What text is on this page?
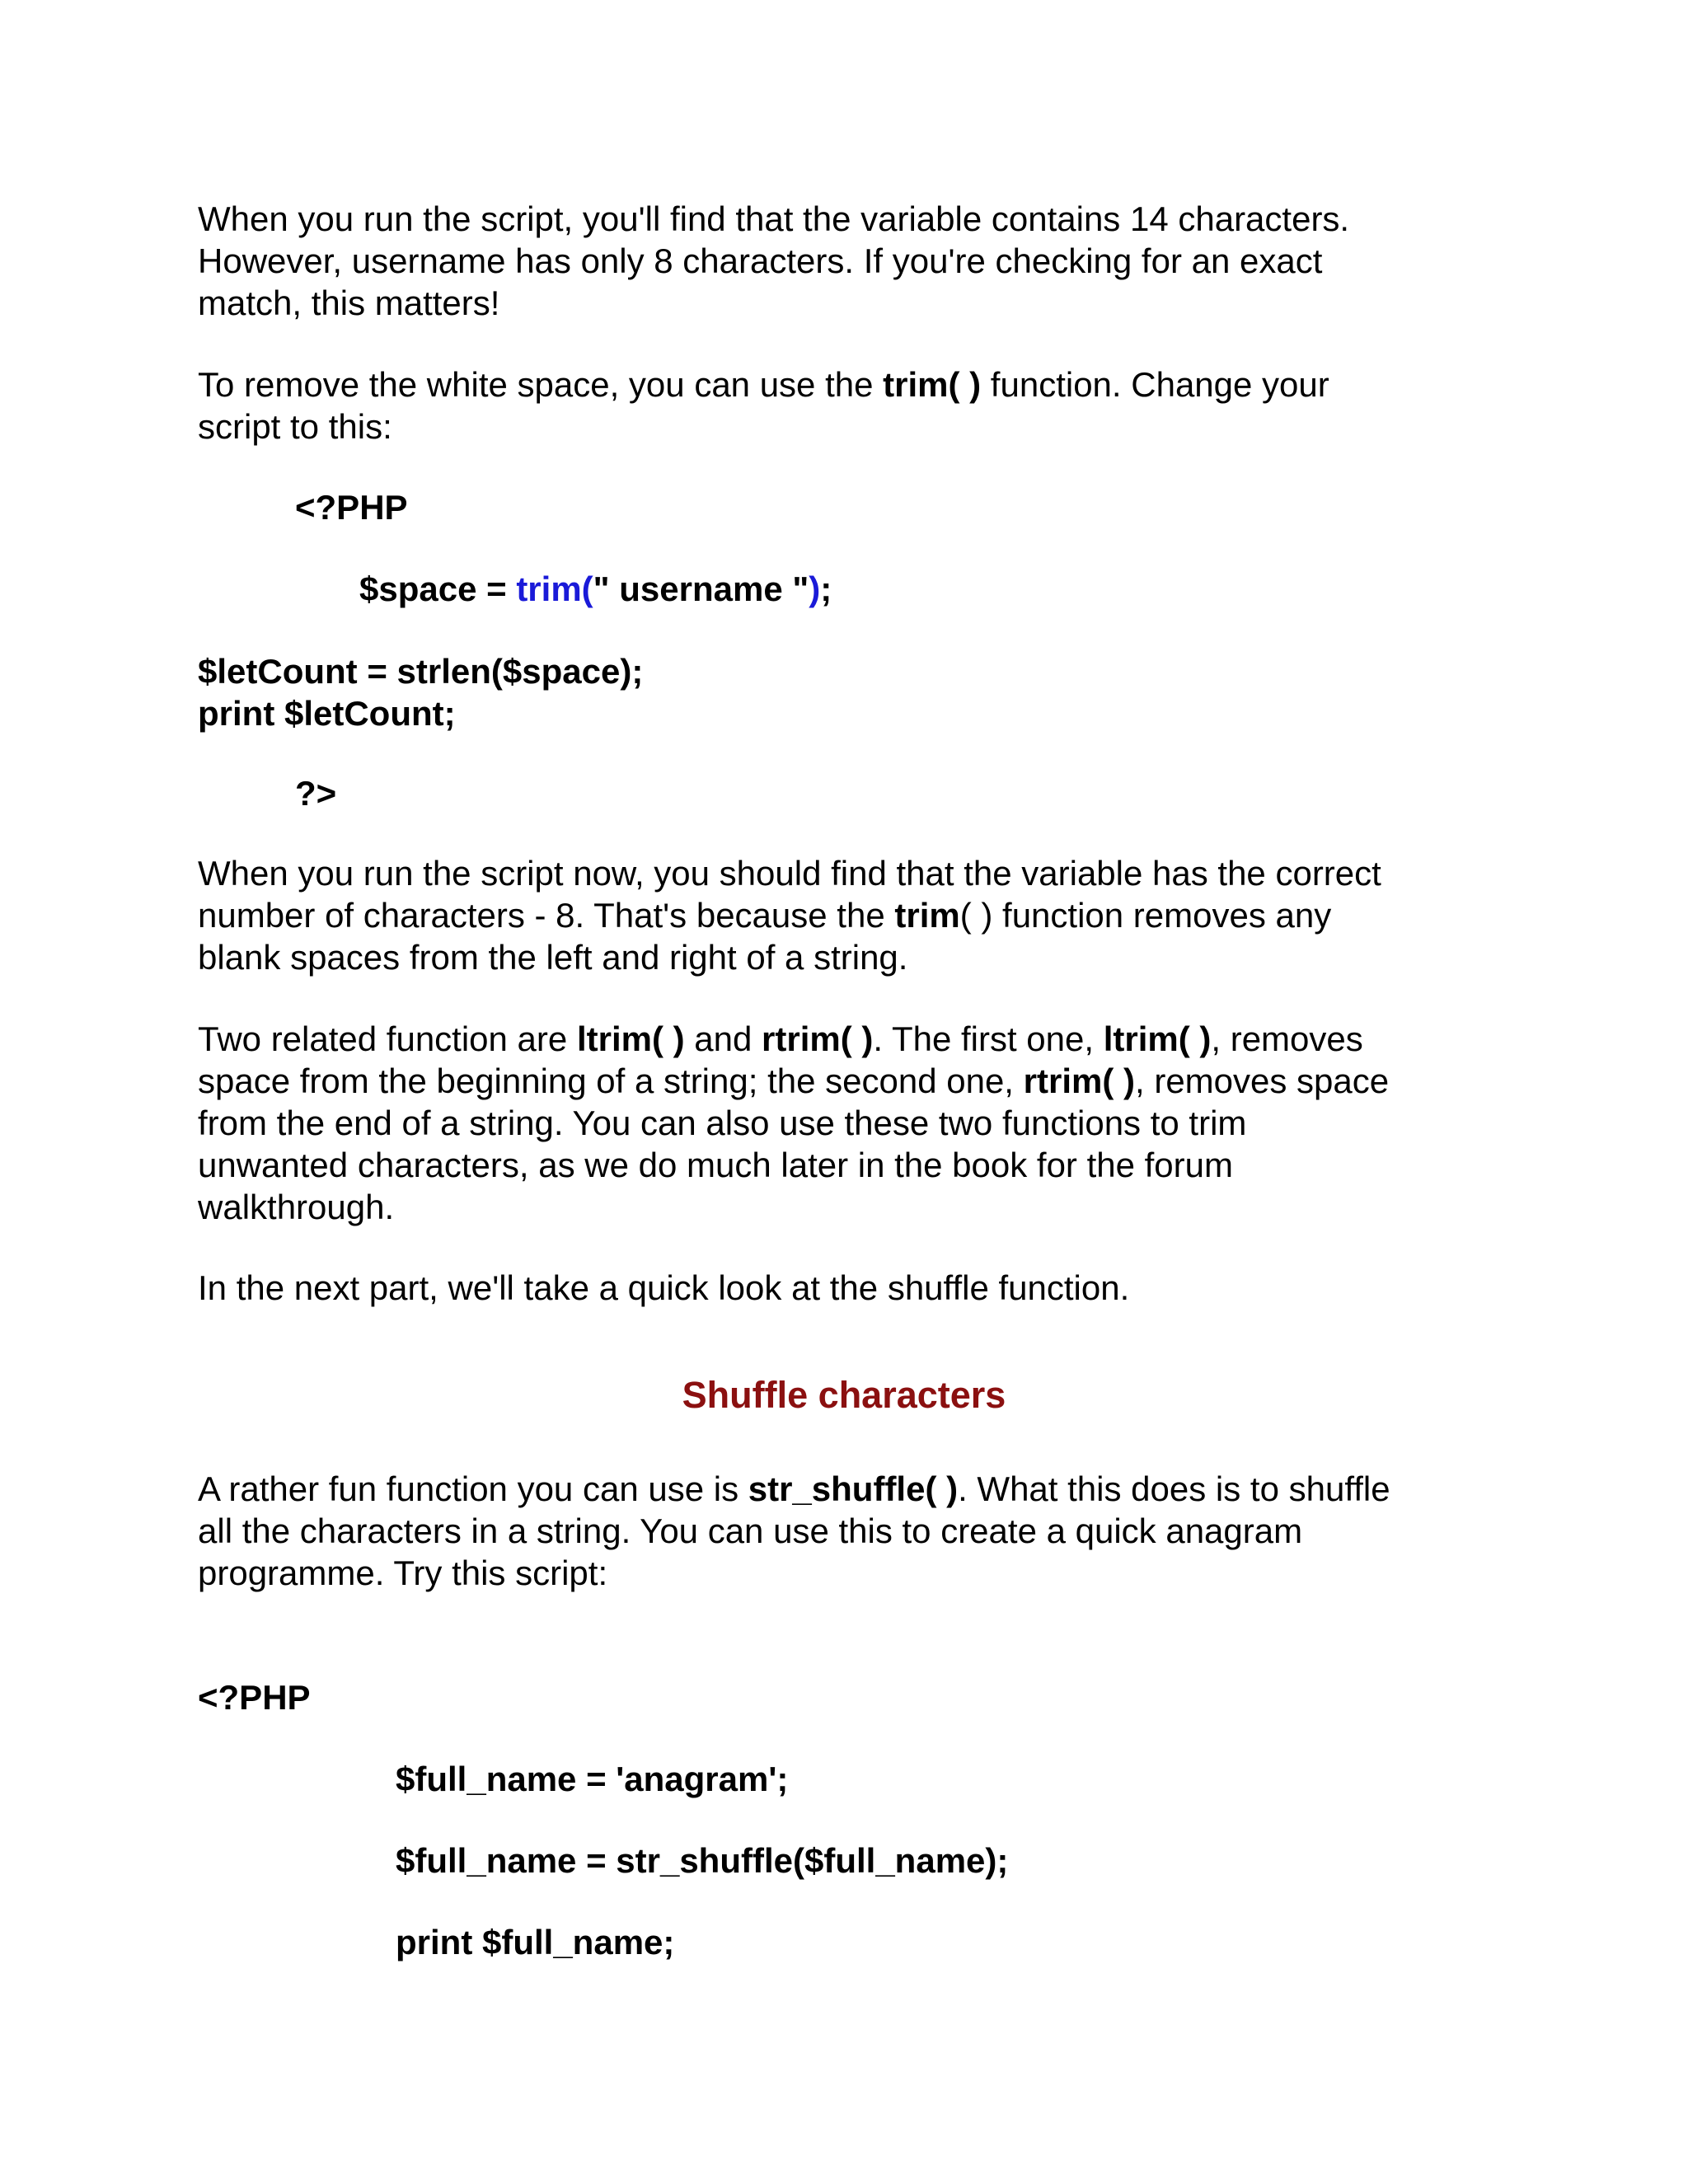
When you run the script, you'll find that the variable contains 14 characters.
However, username has only 8 characters. If you're checking for an exact
match, this matters!
To remove the white space, you can use the trim( ) function. Change your
script to this:
<?PHP
$space = trim(" username ");
$letCount = strlen($space);
print $letCount;
?>
When you run the script now, you should find that the variable has the correct
number of characters - 8. That's because the trim( ) function removes any
blank spaces from the left and right of a string.
Two related function are ltrim( ) and rtrim( ). The first one, ltrim( ), removes
space from the beginning of a string; the second one, rtrim( ), removes space
from the end of a string. You can also use these two functions to trim
unwanted characters, as we do much later in the book for the forum
walkthrough.
In the next part, we'll take a quick look at the shuffle function.
Shuffle characters
A rather fun function you can use is str_shuffle( ). What this does is to shuffle
all the characters in a string. You can use this to create a quick anagram
programme. Try this script:
<?PHP
$full_name = 'anagram';
$full_name = str_shuffle($full_name);
print $full_name;
